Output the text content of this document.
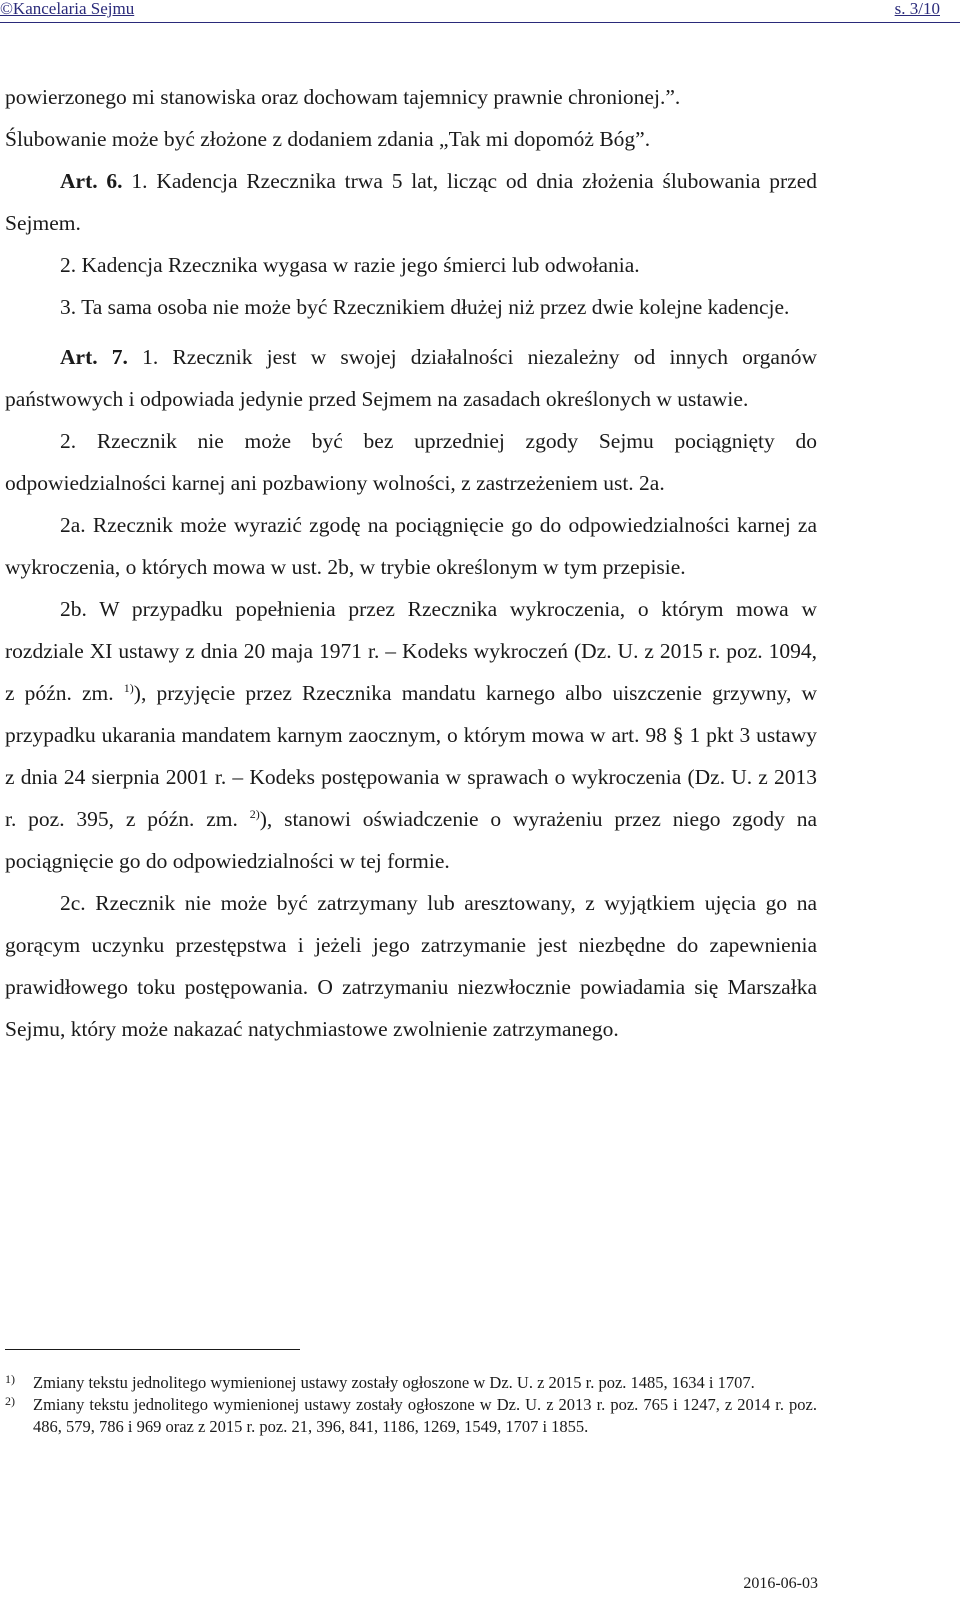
©Kancelaria Sejmu	s. 3/10

powierzonego mi stanowiska oraz dochowam tajemnicy prawnie chronionej.”.

Ślubowanie może być złożone z dodaniem zdania „Tak mi dopomóż Bóg”.

Art. 6. 1. Kadencja Rzecznika trwa 5 lat, licząc od dnia złożenia ślubowania przed Sejmem.

2. Kadencja Rzecznika wygasa w razie jego śmierci lub odwołania.

3. Ta sama osoba nie może być Rzecznikiem dłużej niż przez dwie kolejne kadencje.

Art. 7. 1. Rzecznik jest w swojej działalności niezależny od innych organów państwowych i odpowiada jedynie przed Sejmem na zasadach określonych w ustawie.

2. Rzecznik nie może być bez uprzedniej zgody Sejmu pociągnięty do odpowiedzialności karnej ani pozbawiony wolności, z zastrzeżeniem ust. 2a.

2a. Rzecznik może wyrazić zgodę na pociągnięcie go do odpowiedzialności karnej za wykroczenia, o których mowa w ust. 2b, w trybie określonym w tym przepisie.

2b. W przypadku popełnienia przez Rzecznika wykroczenia, o którym mowa w rozdziale XI ustawy z dnia 20 maja 1971 r. – Kodeks wykroczeń (Dz. U. z 2015 r. poz. 1094, z późn. zm. $^{1)}$), przyjęcie przez Rzecznika mandatu karnego albo uiszczenie grzywny, w przypadku ukarania mandatem karnym zaocznym, o którym mowa w art. 98 § 1 pkt 3 ustawy z dnia 24 sierpnia 2001 r. – Kodeks postępowania w sprawach o wykroczenia (Dz. U. z 2013 r. poz. 395, z późn. zm. $^{2)}$), stanowi oświadczenie o wyrażeniu przez niego zgody na pociągnięcie go do odpowiedzialności w tej formie.

2c. Rzecznik nie może być zatrzymany lub aresztowany, z wyjątkiem ujęcia go na gorącym uczynku przestępstwa i jeżeli jego zatrzymanie jest niezbędne do zapewnienia prawidłowego toku postępowania. O zatrzymaniu niezwłocznie powiadamia się Marszałka Sejmu, który może nakazać natychmiastowe zwolnienie zatrzymanego.

1) Zmiany tekstu jednolitego wymienionej ustawy zostały ogłoszone w Dz. U. z 2015 r. poz. 1485, 1634 i 1707.
2) Zmiany tekstu jednolitego wymienionej ustawy zostały ogłoszone w Dz. U. z 2013 r. poz. 765 i 1247, z 2014 r. poz. 486, 579, 786 i 969 oraz z 2015 r. poz. 21, 396, 841, 1186, 1269, 1549, 1707 i 1855.
2016-06-03
